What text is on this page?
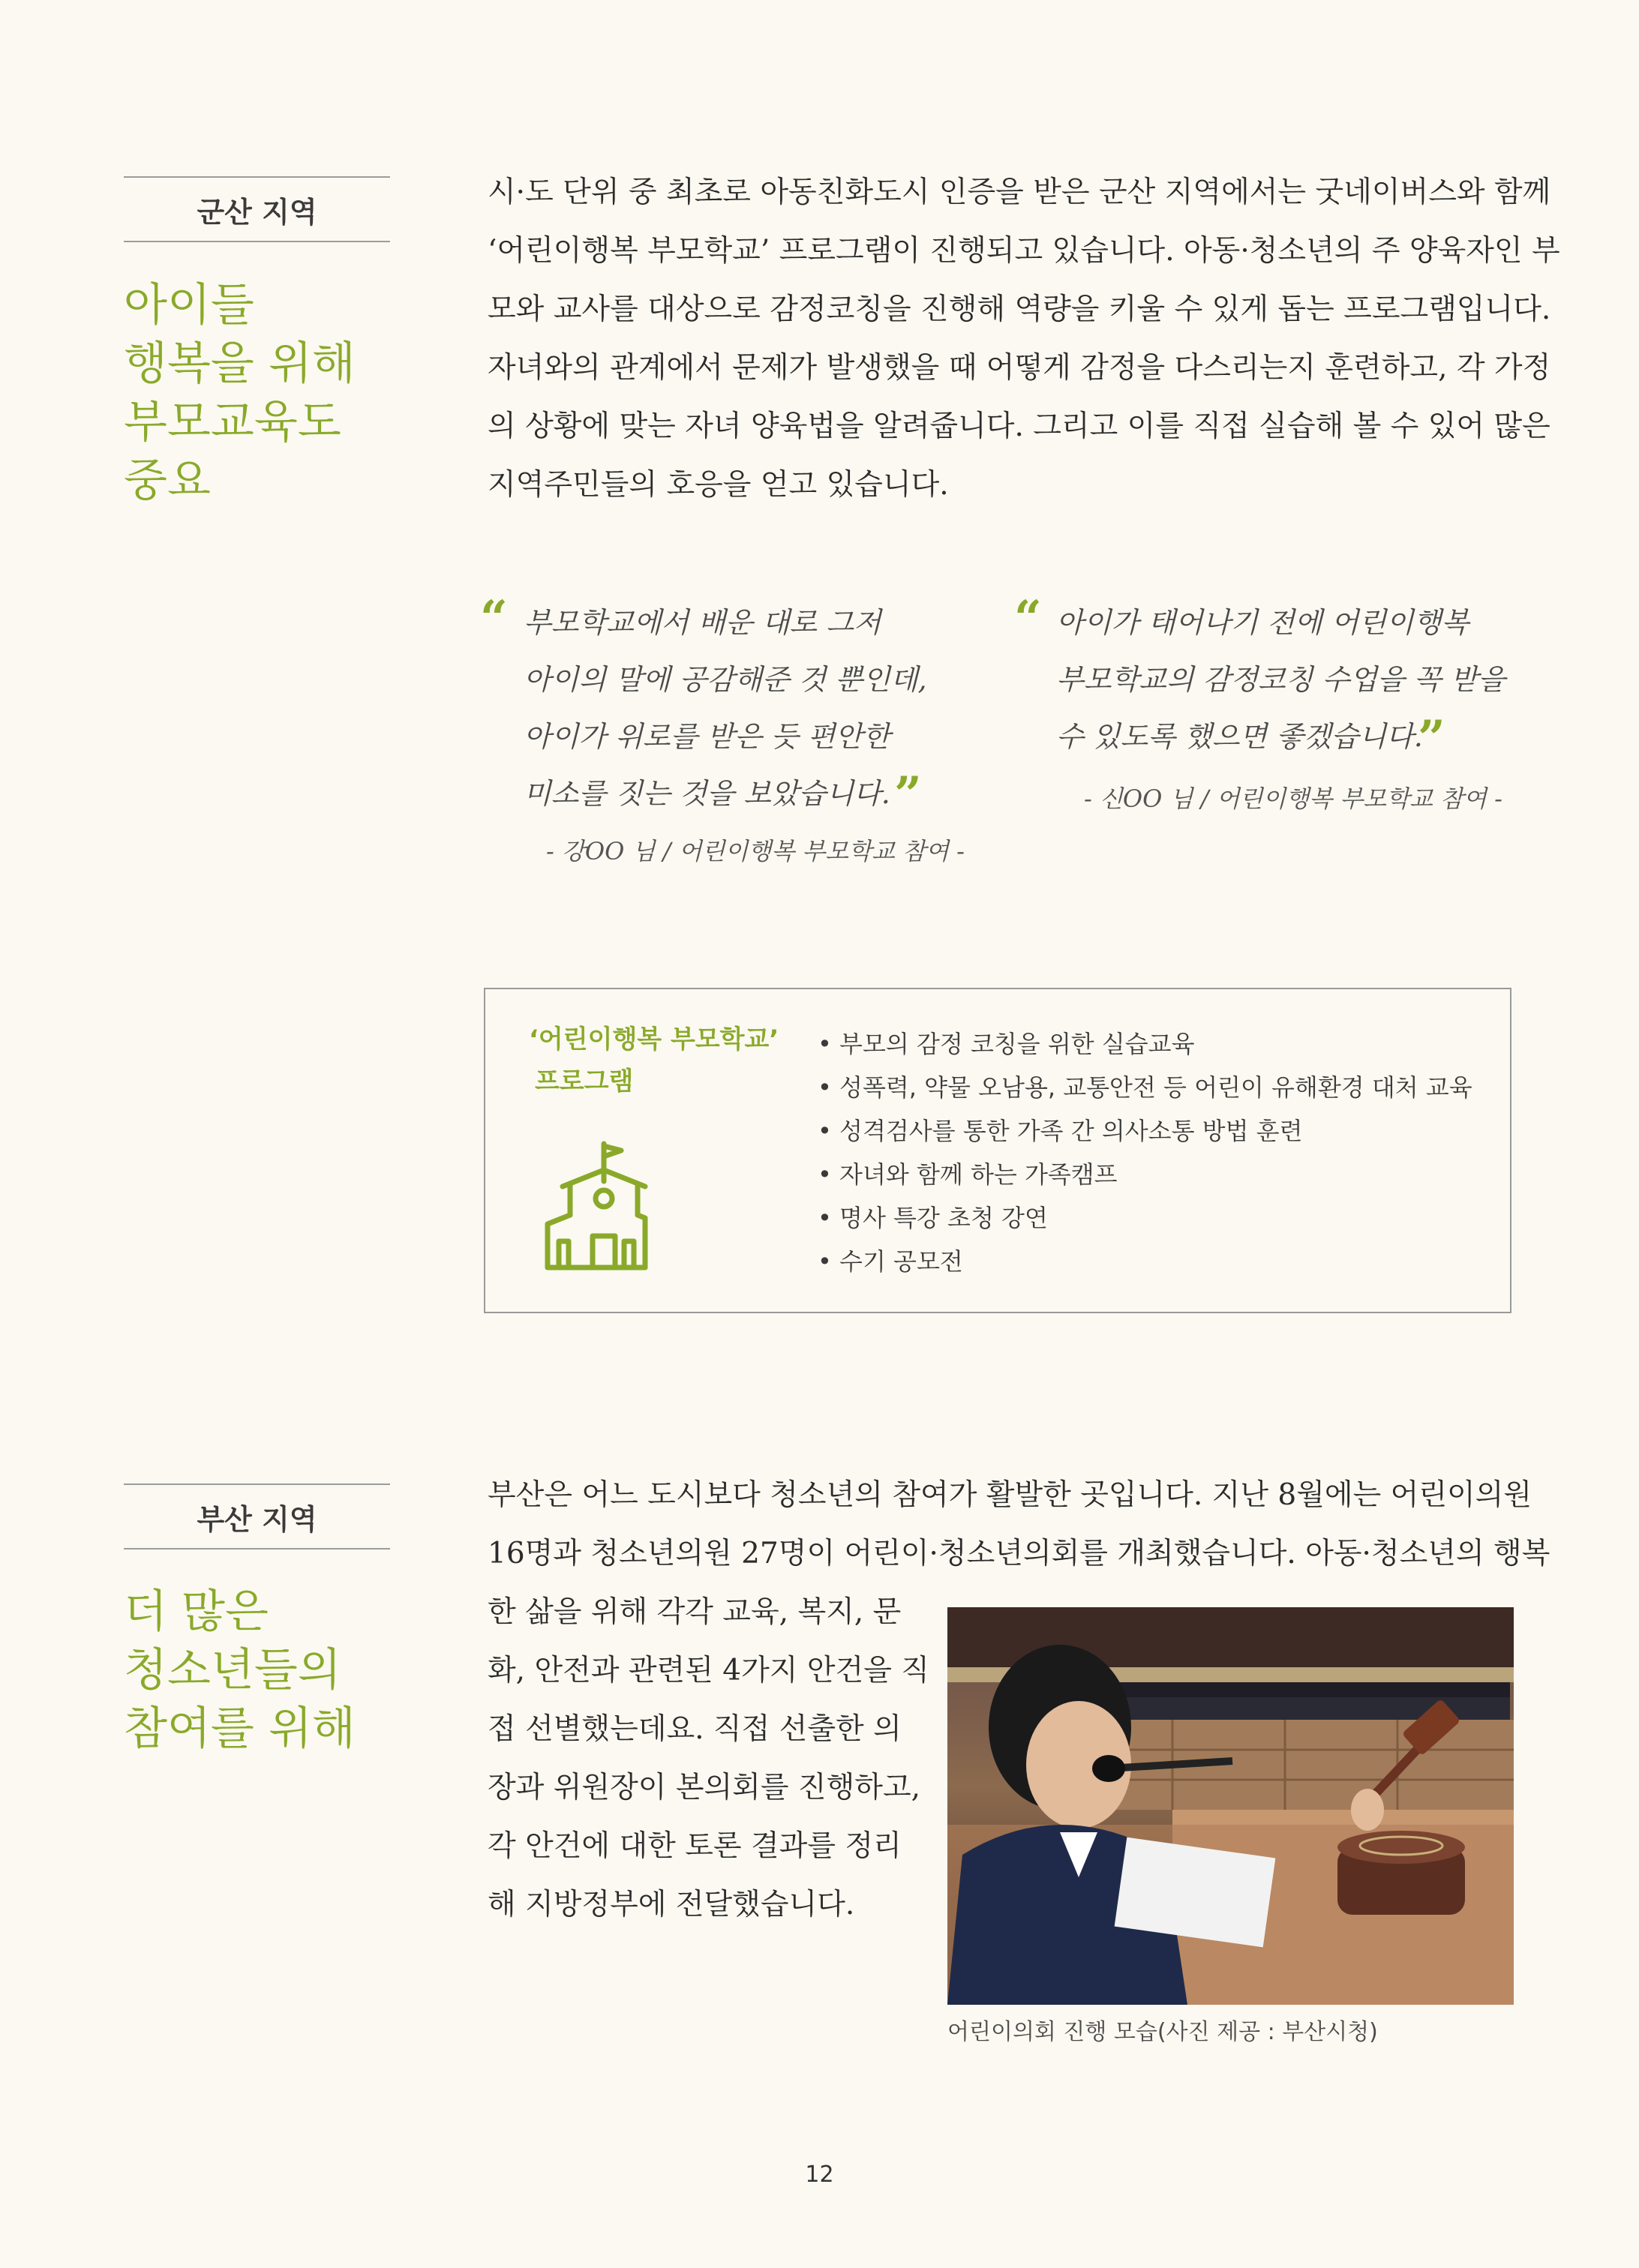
군산 지역
아이들
행복을 위해
부모교육도
중요
시·도 단위 중 최초로 아동친화도시 인증을 받은 군산 지역에서는 굿네이버스와 함께
‘어린이행복 부모학교’ 프로그램이 진행되고 있습니다. 아동·청소년의 주 양육자인 부
모와 교사를 대상으로 감정코칭을 진행해 역량을 키울 수 있게 돕는 프로그램입니다.
자녀와의 관계에서 문제가 발생했을 때 어떻게 감정을 다스리는지 훈련하고, 각 가정
의 상황에 맞는 자녀 양육법을 알려줍니다. 그리고 이를 직접 실습해 볼 수 있어 많은
지역주민들의 호응을 얻고 있습니다.
“ 부모학교에서 배운 대로 그저
아이의 말에 공감해준 것 뿐인데,
아이가 위로를 받은 듯 편안한
미소를 짓는 것을 보았습니다. ”
- 강OO 님 / 어린이행복 부모학교 참여 -
“ 아이가 태어나기 전에 어린이행복
부모학교의 감정코칭 수업을 꼭 받을
수 있도록 했으면 좋겠습니다.
”
- 신OO 님 / 어린이행복 부모학교 참여 -
‘어린이행복 부모학교’
프로그램
• 부모의 감정 코칭을 위한 실습교육
• 성폭력, 약물 오남용, 교통안전 등 어린이 유해환경 대처 교육
• 성격검사를 통한 가족 간 의사소통 방법 훈련
• 자녀와 함께 하는 가족캠프
• 명사 특강 초청 강연
• 수기 공모전
부산 지역
더 많은
청소년들의
참여를 위해
부산은 어느 도시보다 청소년의 참여가 활발한 곳입니다. 지난 8월에는 어린이의원
16명과 청소년의원 27명이 어린이·청소년의회를 개최했습니다. 아동·청소년의 행복
한 삶을 위해 각각 교육, 복지, 문
화, 안전과 관련된 4가지 안건을 직
접 선별했는데요. 직접 선출한 의
장과 위원장이 본의회를 진행하고,
각 안건에 대한 토론 결과를 정리
해 지방정부에 전달했습니다.
어린이의회 진행 모습(사진 제공 : 부산시청)
12
